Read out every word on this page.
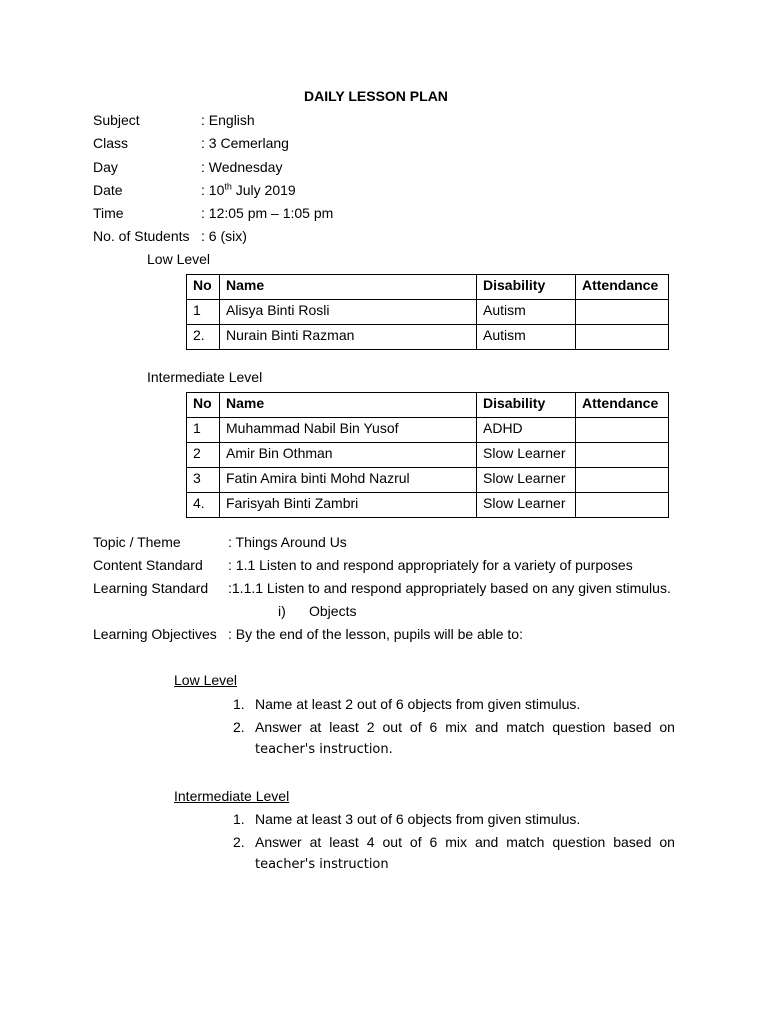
DAILY LESSON PLAN
Subject	: English
Class	: 3 Cemerlang
Day	: Wednesday
Date	: 10th July 2019
Time	: 12:05 pm – 1:05 pm
No. of Students : 6 (six)
Low Level
No	Name	Disability	Attendance
1	Alisya Binti Rosli	Autism	
2.	Nurain Binti Razman	Autism	
Intermediate Level
No	Name	Disability	Attendance
1	Muhammad Nabil Bin Yusof	ADHD	
2	Amir Bin Othman	Slow Learner	
3	Fatin Amira binti Mohd Nazrul	Slow Learner	
4.	Farisyah Binti Zambri	Slow Learner	
Topic / Theme	: Things Around Us
Content Standard : 1.1 Listen to and respond appropriately for a variety of purposes
Learning Standard :1.1.1 Listen to and respond appropriately based on any given stimulus.
i) Objects
Learning Objectives : By the end of the lesson, pupils will be able to:
Low Level
1. Name at least 2 out of 6 objects from given stimulus.
2. Answer at least 2 out of 6 mix and match question based on
teacher's instruction.
Intermediate Level
1. Name at least 3 out of 6 objects from given stimulus.
2. Answer at least 4 out of 6 mix and match question based on
teacher's instruction
